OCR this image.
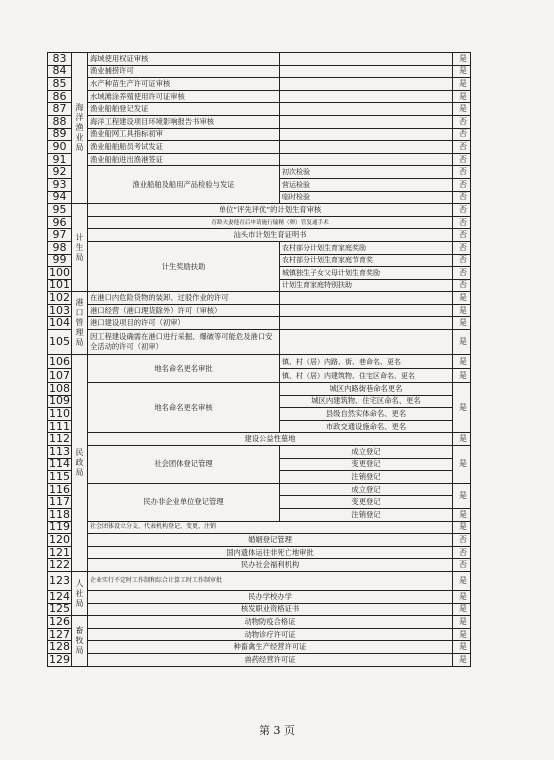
83	海洋渔业局	海域使用权证审核		是
84		渔业捕捞许可		是
85		水产种苗生产许可证审核		是
86		水域滩涂养殖使用许可证审核		是
87		渔业船舶登记发证		是
88		海洋工程建设项目环境影响报告书审核		否
89		渔业船网工具指标初审		否
90		渔业船舶船员考试发证		否
91		渔业船舶进出渔港签证		否
92		渔业船舶及船用产品检验与发证	初次检验	否
93			营运检验	否
94			临时检验	否
95	计生局	单位“评先评优”的计划生育审核		否
96		育龄夫妻他育后申请施行输精（卵）管复通手术		否
97		汕头市计划生育证明书		否
98		计生奖励扶助	农村部分计划生育家庭奖励	否
99			农村部分计划生育家庭节育奖	否
100			城镇独生子女父母计划生育奖励	否
101			计划生育家庭特别扶助	否
102	港口管理局	在港口内危险货物的装卸、过驳作业的许可		是
103		港口经营（港口理货除外）许可（审核）		是
104		港口建设项目的许可（初审）		是
105		因工程建设确需在港口进行采掘、爆破等可能危及港口安全活动的许可（初审）		是
106	民政局	地名命名更名审批	镇、村（居）内路、街、巷命名、更名	是
107			镇、村（居）内建筑物、住宅区命名、更名	是
108		地名命名更名审核	城区内路街巷命名更名	是
109			城区内建筑物、住宅区命名、更名	
110			县级自然实体命名、更名	
111			市政交通设施命名、更名	
112		建设公益性墓地		是
113		社会团体登记管理	成立登记	是
114			变更登记	
115			注销登记	
116		民办非企业单位登记管理	成立登记	是
117			变更登记	
118			注销登记	是
119		社会团体设立分支、代表机构登记、变更、注销		是
120		婚姻登记管理		否
121		国内遗体运往非死亡地审批		否
122		民办社会福利机构		否
123	人社局	企业实行不定时工作制和综合计算工时工作制审批		是
124		民办学校办学		是
125		核发职业资格证书		是
126	畜牧局	动物防疫合格证		是
127		动物诊疗许可证		是
128		种畜禽生产经营许可证		是
129		兽药经营许可证		是
第 3 页
